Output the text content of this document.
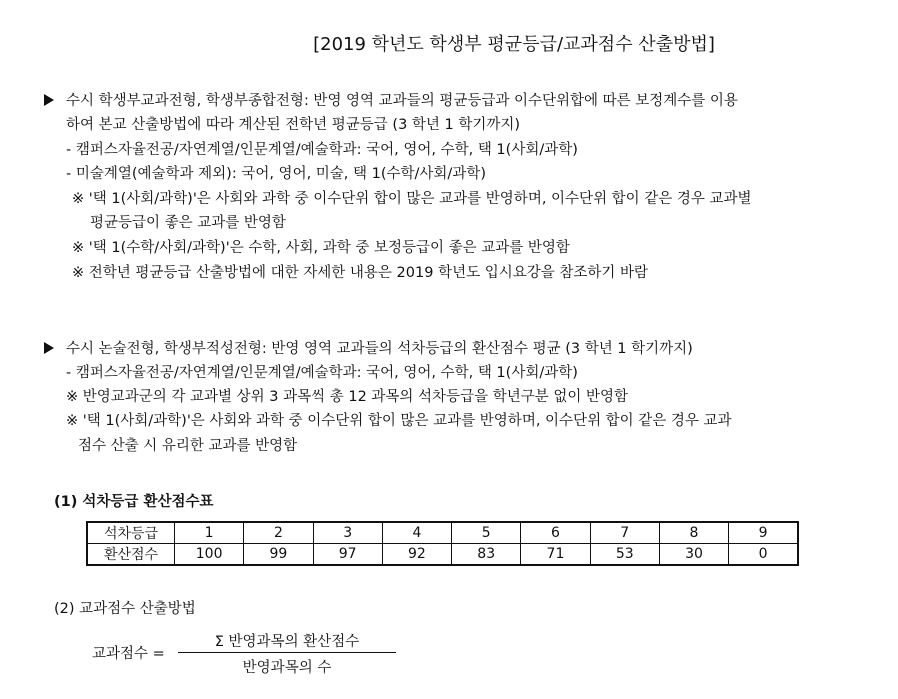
[2019 학년도 학생부 평균등급/교과점수 산출방법]
수시 학생부교과전형, 학생부종합전형: 반영 영역 교과들의 평균등급과 이수단위합에 따른 보정계수를 이용
하여 본교 산출방법에 따라 계산된 전학년 평균등급 (3 학년 1 학기까지)
- 캠퍼스자율전공/자연계열/인문계열/예술학과: 국어, 영어, 수학, 택 1(사회/과학)
- 미술계열(예술학과 제외): 국어, 영어, 미술, 택 1(수학/사회/과학)
※ '택 1(사회/과학)'은 사회와 과학 중 이수단위 합이 많은 교과를 반영하며, 이수단위 합이 같은 경우 교과별
평균등급이 좋은 교과를 반영함
※ '택 1(수학/사회/과학)'은 수학, 사회, 과학 중 보정등급이 좋은 교과를 반영함
※ 전학년 평균등급 산출방법에 대한 자세한 내용은 2019 학년도 입시요강을 참조하기 바람
수시 논술전형, 학생부적성전형: 반영 영역 교과들의 석차등급의 환산점수 평균 (3 학년 1 학기까지)
- 캠퍼스자율전공/자연계열/인문계열/예술학과: 국어, 영어, 수학, 택 1(사회/과학)
※ 반영교과군의 각 교과별 상위 3 과목씩 총 12 과목의 석차등급을 학년구분 없이 반영함
※ '택 1(사회/과학)'은 사회와 과학 중 이수단위 합이 많은 교과를 반영하며, 이수단위 합이 같은 경우 교과
점수 산출 시 유리한 교과를 반영함
(1) 석차등급 환산점수표
석차등급	1	2	3	4	5	6	7	8	9
환산점수	100	99	97	92	83	71	53	30	0
(2) 교과점수 산출방법
교과점수 =
Σ 반영과목의 환산점수
반영과목의 수
